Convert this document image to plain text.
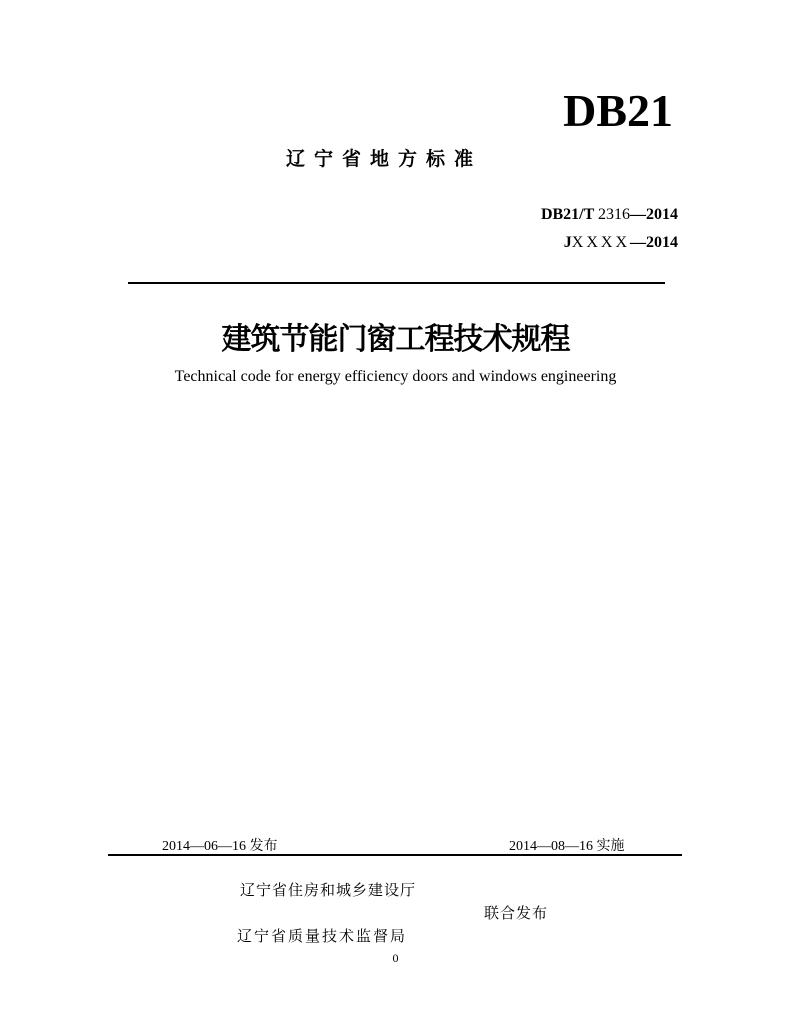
DB21
辽宁省地方标准
DB21/T 2316—2014
JXXXX—2014
建筑节能门窗工程技术规程
Technical code for energy efficiency doors and windows engineering
2014—06—16 发布	2014—08—16 实施
辽宁省住房和城乡建设厅
联合发布
辽宁省质量技术监督局
0
